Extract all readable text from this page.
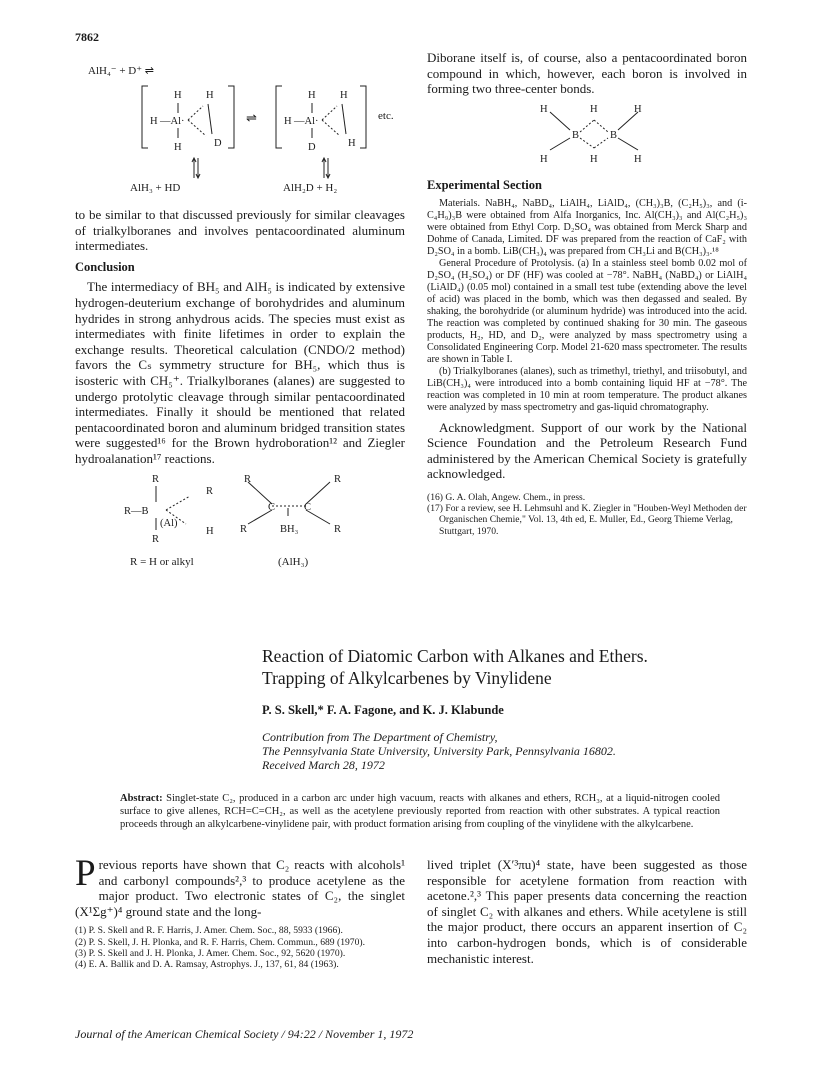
7862
AlH₄⁻ + D⁺ ⇌
H H
H —Al·
H	D
H H
H —Al·
D	H
⇌	etc.
AlH₃ + HD	AlH₂D + H₂

to be similar to that discussed previously for similar cleavages of trialkylboranes and involves pentacoordinated aluminum intermediates.

Conclusion

The intermediacy of BH₅ and AlH₅ is indicated by extensive hydrogen-deuterium exchange of borohydrides and aluminum hydrides in strong anhydrous acids. The species must exist as intermediates with finite lifetimes in order to explain the exchange results. Theoretical calculation (CNDO/2 method) favors the Cₛ symmetry structure for BH₅, which thus is isosteric with CH₅⁺. Trialkylboranes (alanes) are suggested to undergo protolytic cleavage through similar pentacoordinated intermediates. Finally it should be mentioned that related pentacoordinated boron and aluminum bridged transition states were suggested¹⁶ for the Brown hydroboration¹² and Ziegler hydroalanation¹⁷ reactions.

R
R—B
R
R
H
R	R
C	C
R	R
(Al)
BH₃
R = H or alkyl	(AlH₃)

Diborane itself is, of course, also a pentacoordinated boron compound in which, however, each boron is involved in forming two three-center bonds.

H	H	H
B	B
H	H	H
Experimental Section

Materials. NaBH₄, NaBD₄, LiAlH₄, LiAlD₄, (CH₃)₃B, (C₂H₅)₃, and (i-C₄H₉)₃B were obtained from Alfa Inorganics, Inc. Al(CH₃)₃ and Al(C₂H₅)₃ were obtained from Ethyl Corp. D₂SO₄ was obtained from Merck Sharp and Dohme of Canada, Limited. DF was prepared from the reaction of CaF₂ with D₂SO₄ in a bomb. LiB(CH₃)₄ was prepared from CH₃Li and B(CH₃)₃.¹⁸

General Procedure of Protolysis. (a) In a stainless steel bomb 0.02 mol of D₂SO₄ (H₂SO₄) or DF (HF) was cooled at −78°. NaBH₄ (NaBD₄) or LiAlH₄ (LiAlD₄) (0.05 mol) contained in a small test tube (extending above the level of acid) was placed in the bomb, which was then degassed and sealed. By shaking, the borohydride (or aluminum hydride) was introduced into the acid. The reaction was completed by continued shaking for 30 min. The gaseous products, H₂, HD, and D₂, were analyzed by mass spectrometry using a Consolidated Engineering Corp. Model 21-620 mass spectrometer. The results are shown in Table I.

(b) Trialkylboranes (alanes), such as trimethyl, triethyl, and triisobutyl, and LiB(CH₃)₄ were introduced into a bomb containing liquid HF at −78°. The reaction was completed in 10 min at room temperature. The product alkanes were analyzed by mass spectrometry and gas-liquid chromatography.

Acknowledgment. Support of our work by the National Science Foundation and the Petroleum Research Fund administered by the American Chemical Society is gratefully acknowledged.

(16) G. A. Olah, Angew. Chem., in press.

(17) For a review, see H. Lehmsuhl and K. Ziegler in "Houben-Weyl Methoden der Organischen Chemie," Vol. 13, 4th ed, E. Muller, Ed., Georg Thieme Verlag, Stuttgart, 1970.

Reaction of Diatomic Carbon with Alkanes and Ethers.
Trapping of Alkylcarbenes by Vinylidene
P. S. Skell,* F. A. Fagone, and K. J. Klabunde
Contribution from The Department of Chemistry,
The Pennsylvania State University, University Park, Pennsylvania 16802.
Received March 28, 1972
Abstract: Singlet-state C₂, produced in a carbon arc under high vacuum, reacts with alkanes and ethers, RCH₃, at a liquid-nitrogen cooled surface to give allenes, RCH=C=CH₂, as well as the acetylene previously reported from reaction with other substrates. A typical reaction proceeds through an alkylcarbene-vinylidene pair, with product formation arising from coupling of the vinylidene with the alkylcarbene.

P revious reports have shown that C₂ reacts with alcohols¹ and carbonyl compounds²,³ to produce acetylene as the major product. Two electronic states of C₂, the singlet (X¹Σg⁺)⁴ ground state and the long-

(1) P. S. Skell and R. F. Harris, J. Amer. Chem. Soc., 88, 5933 (1966).

(2) P. S. Skell, J. H. Plonka, and R. F. Harris, Chem. Commun., 689 (1970).

(3) P. S. Skell and J. H. Plonka, J. Amer. Chem. Soc., 92, 5620 (1970).

(4) E. A. Ballik and D. A. Ramsay, Astrophys. J., 137, 61, 84 (1963).

lived triplet (X′³πu)⁴ state, have been suggested as those responsible for acetylene formation from reaction with acetone.²,³ This paper presents data concerning the reaction of singlet C₂ with alkanes and ethers. While acetylene is still the major product, there occurs an apparent insertion of C₂ into carbon-hydrogen bonds, which is of considerable mechanistic interest.

Journal of the American Chemical Society / 94:22 / November 1, 1972
